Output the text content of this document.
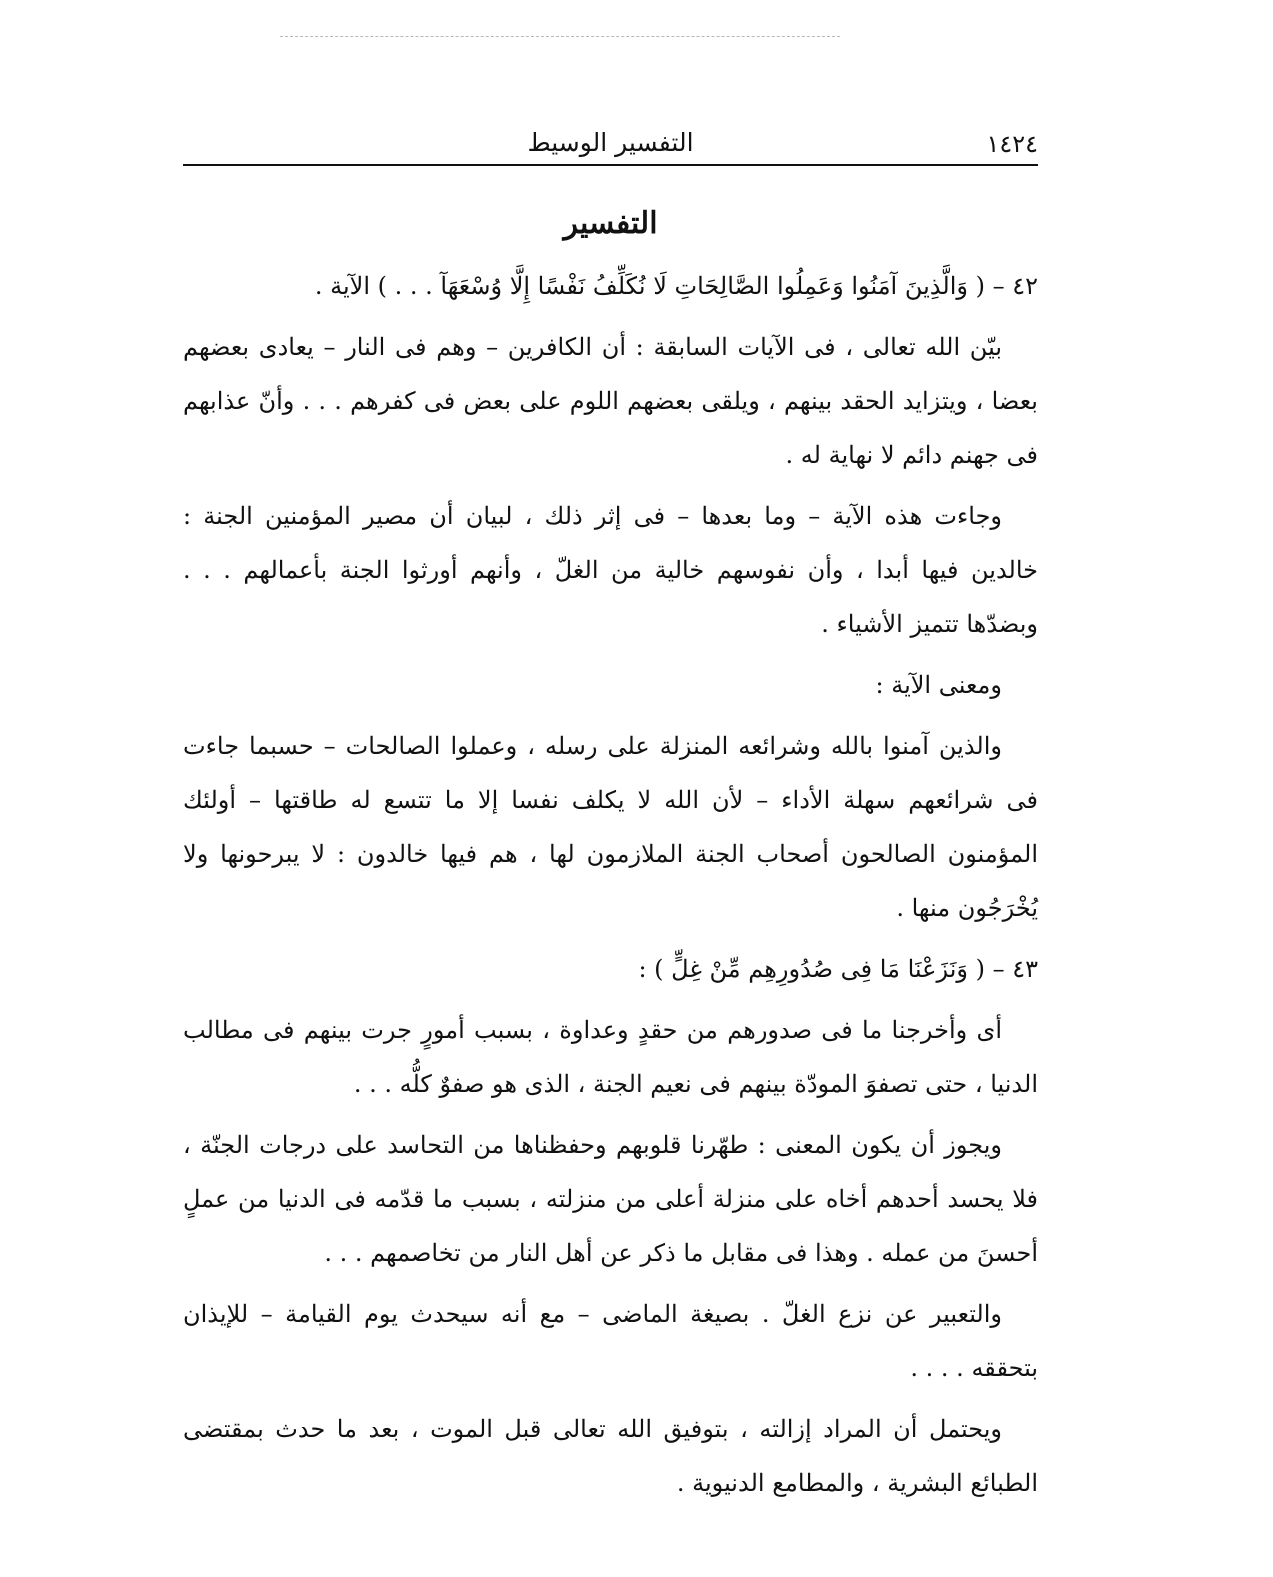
١٤٢٤
التفسير الوسيط
التفسير

٤٢ – ( وَالَّذِينَ آمَنُوا وَعَمِلُوا الصَّالِحَاتِ لَا نُكَلِّفُ نَفْسًا إِلَّا وُسْعَهَآ . . . ) الآية .

بيّن الله تعالى ، فى الآيات السابقة : أن الكافرين – وهم فى النار – يعادى بعضهم بعضا ، ويتزايد الحقد بينهم ، ويلقى بعضهم اللوم على بعض فى كفرهم . . . وأنّ عذابهم فى جهنم دائم لا نهاية له .

وجاءت هذه الآية – وما بعدها – فى إثر ذلك ، لبيان أن مصير المؤمنين الجنة : خالدين فيها أبدا ، وأن نفوسهم خالية من الغلّ ، وأنهم أورثوا الجنة بأعمالهم . . . وبضدّها تتميز الأشياء .

ومعنى الآية :

والذين آمنوا بالله وشرائعه المنزلة على رسله ، وعملوا الصالحات – حسبما جاءت فى شرائعهم سهلة الأداء – لأن الله لا يكلف نفسا إلا ما تتسع له طاقتها – أولئك المؤمنون الصالحون أصحاب الجنة الملازمون لها ، هم فيها خالدون : لا يبرحونها ولا يُخْرَجُون منها .

٤٣ – ( وَنَزَعْنَا مَا فِى صُدُورِهِم مِّنْ غِلٍّ ) :

أى وأخرجنا ما فى صدورهم من حقدٍ وعداوة ، بسبب أمورٍ جرت بينهم فى مطالب الدنيا ، حتى تصفوَ المودّة بينهم فى نعيم الجنة ، الذى هو صفوٌ كلُّه . . .

ويجوز أن يكون المعنى : طهّرنا قلوبهم وحفظناها من التحاسد على درجات الجنّة ، فلا يحسد أحدهم أخاه على منزلة أعلى من منزلته ، بسبب ما قدّمه فى الدنيا من عملٍ أحسنَ من عمله . وهذا فى مقابل ما ذكر عن أهل النار من تخاصمهم . . .

والتعبير عن نزع الغلّ . بصيغة الماضى – مع أنه سيحدث يوم القيامة – للإيذان بتحققه . . . .

ويحتمل أن المراد إزالته ، بتوفيق الله تعالى قبل الموت ، بعد ما حدث بمقتضى الطبائع البشرية ، والمطامع الدنيوية .
